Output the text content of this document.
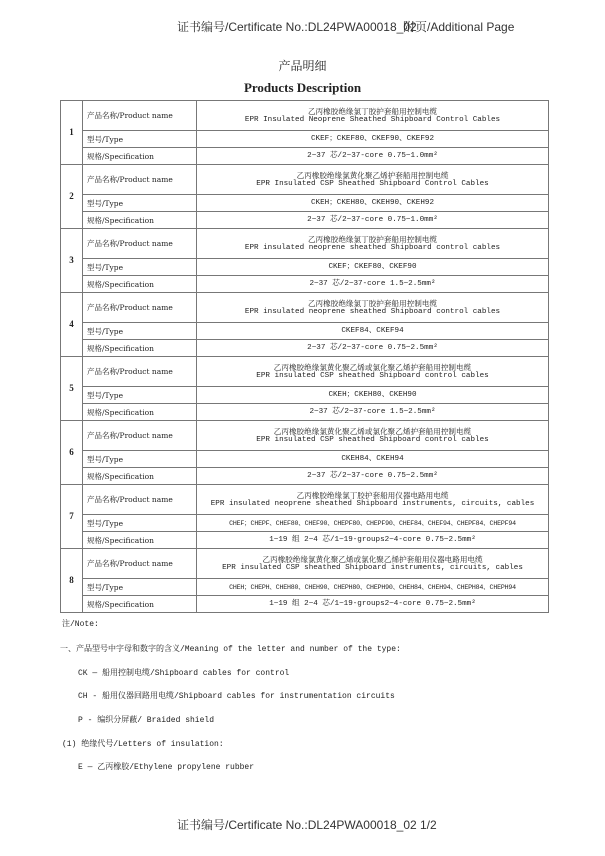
证书编号/Certificate No.:DL24PWA00018_02
附页/Additional Page
产品明细
Products Description
1	产品名称/Product name	乙丙橡胶绝缘氯丁胶护套船用控制电缆
EPR Insulated Neoprene Sheathed Shipboard Control Cables

	型号/Type	CKEF；CKEF80、CKEF90、CKEF92
	规格/Specification	2~37 芯/2~37-core 0.75~1.0mm²
2	产品名称/Product name	乙丙橡胶绝缘氯黄化聚乙烯护套船用控制电缆
EPR Insulated CSP Sheathed Shipboard Control Cables

	型号/Type	CKEH；CKEH80、CKEH90、CKEH92
	规格/Specification	2~37 芯/2~37-core 0.75~1.0mm²
3	产品名称/Product name	乙丙橡胶绝缘氯丁胶护套船用控制电缆
EPR insulated neoprene sheathed Shipboard control cables

	型号/Type	CKEF；CKEF80、CKEF90
	规格/Specification	2~37 芯/2~37-core 1.5~2.5mm²
4	产品名称/Product name	乙丙橡胶绝缘氯丁胶护套船用控制电缆
EPR insulated neoprene sheathed Shipboard control cables

	型号/Type	CKEF84、CKEF94
	规格/Specification	2~37 芯/2~37-core 0.75~2.5mm²
5	产品名称/Product name	乙丙橡胶绝缘氯黄化聚乙烯或氯化聚乙烯护套船用控制电缆
EPR insulated CSP sheathed Shipboard control cables

	型号/Type	CKEH；CKEH80、CKEH90
	规格/Specification	2~37 芯/2~37-core 1.5~2.5mm²
6	产品名称/Product name	乙丙橡胶绝缘氯黄化聚乙烯或氯化聚乙烯护套船用控制电缆
EPR insulated CSP sheathed Shipboard control cables

	型号/Type	CKEH84、CKEH94
	规格/Specification	2~37 芯/2~37-core 0.75~2.5mm²
7	产品名称/Product name	乙丙橡胶绝缘氯丁胶护套船用仪器电路用电缆
EPR insulated neoprene sheathed Shipboard instruments, circuits, cables

	型号/Type	CHEF；CHEPF、CHEF80、CHEF90、CHEPF80、CHEPF90、CHEF84、CHEF94、CHEPF84、CHEPF94
	规格/Specification	1~19 组 2~4 芯/1~19-groups2~4-core 0.75~2.5mm²
8	产品名称/Product name	乙丙橡胶绝缘氯黄化聚乙烯或氯化聚乙烯护套船用仪器电路用电缆
EPR insulated CSP sheathed Shipboard instruments, circuits, cables

	型号/Type	CHEH；CHEPH、CHEH80、CHEH90、CHEPH80、CHEPH90、CHEH84、CHEH94、CHEPH84、CHEPH94
	规格/Specification	1~19 组 2~4 芯/1~19-groups2~4-core 0.75~2.5mm²
注/Note:
一、产品型号中字母和数字的含义/Meaning of the letter and number of the type:
CK — 船用控制电缆/Shipboard cables for control
CH - 船用仪器回路用电缆/Shipboard cables for instrumentation circuits
P - 编织分屏蔽/ Braided shield
(1) 绝缘代号/Letters of insulation:
E — 乙丙橡胶/Ethylene propylene rubber
证书编号/Certificate No.:DL24PWA00018_02 1/2
